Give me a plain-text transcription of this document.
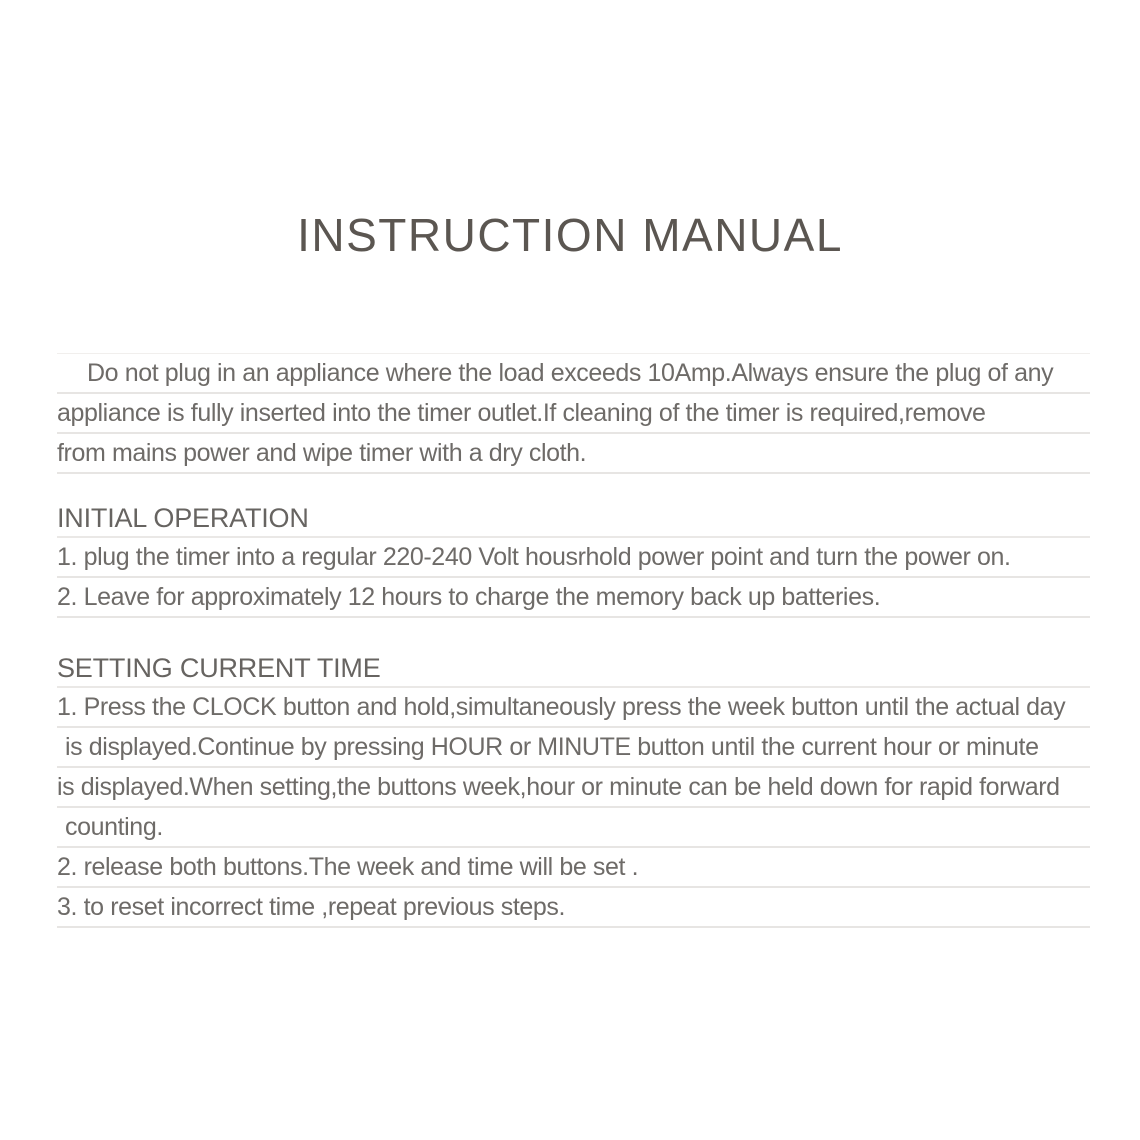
INSTRUCTION MANUAL
Do not plug in an appliance where the load exceeds 10Amp.Always ensure the plug of any
appliance is fully inserted into the timer outlet.If cleaning of the timer is required,remove
from mains power and wipe timer with a dry cloth.
INITIAL OPERATION
1. plug the timer into a regular 220-240 Volt housrhold power point and turn the power on.
2. Leave for approximately 12 hours to charge the memory back up batteries.
SETTING CURRENT TIME
1. Press the CLOCK button and hold,simultaneously press the week button until the actual day
is displayed.Continue by pressing HOUR or MINUTE button until the current hour or minute
is displayed.When setting,the buttons week,hour or minute can be held down for rapid forward
counting.
2. release both buttons.The week and time will be set .
3. to reset incorrect time ,repeat previous steps.
